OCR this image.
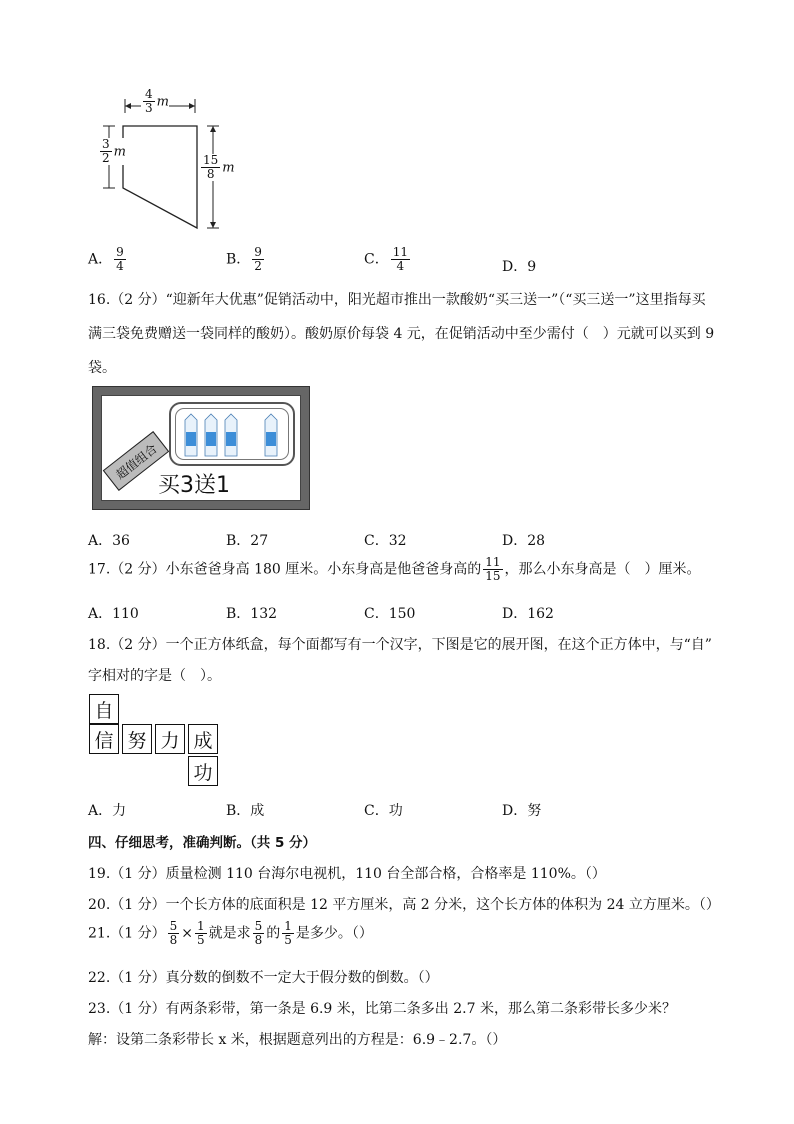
$\frac{4}{3}$ m
$\frac{3}{2}$ m
$\frac{15}{8}$ m
A． $\frac{9}{4}$	B． $\frac{9}{2}$	C． $\frac{11}{4}$	D．9
16.（2 分）“迎新年大优惠”促销活动中，阳光超市推出一款酸奶“买三送一”（“买三送一”这里指每买
满三袋免费赠送一袋同样的酸奶）。酸奶原价每袋 4 元，在促销活动中至少需付（　）元就可以买到 9
袋。
超值组合
买3送1
A．36	B．27	C．32	D．28
17.（2 分）小东爸爸身高 180 厘米。小东身高是他爸爸身高的 $\frac{11}{15}$ ，那么小东身高是（　）厘米。
A．110	B．132	C．150	D．162
18.（2 分）一个正方体纸盒，每个面都写有一个汉字，下图是它的展开图，在这个正方体中，与“自”
字相对的字是（　）。
自
信 努 力 成
功
A．力	B．成	C．功	D．努
四、仔细思考，准确判断。（共 5 分）
19.（1 分）质量检测 110 台海尔电视机，110 台全部合格，合格率是 110%。（）
20.（1 分）一个长方体的底面积是 12 平方厘米，高 2 分米，这个长方体的体积为 24 立方厘米。（）
21.（1 分） $\frac{5}{8} \times \frac{1}{5}$ 就是求 $\frac{5}{8}$ 的 $\frac{1}{5}$ 是多少。（）
22.（1 分）真分数的倒数不一定大于假分数的倒数。（）
23.（1 分）有两条彩带，第一条是 6.9 米，比第二条多出 2.7 米，那么第二条彩带长多少米？
解：设第二条彩带长 x 米，根据题意列出的方程是：6.9﹣2.7。（）
